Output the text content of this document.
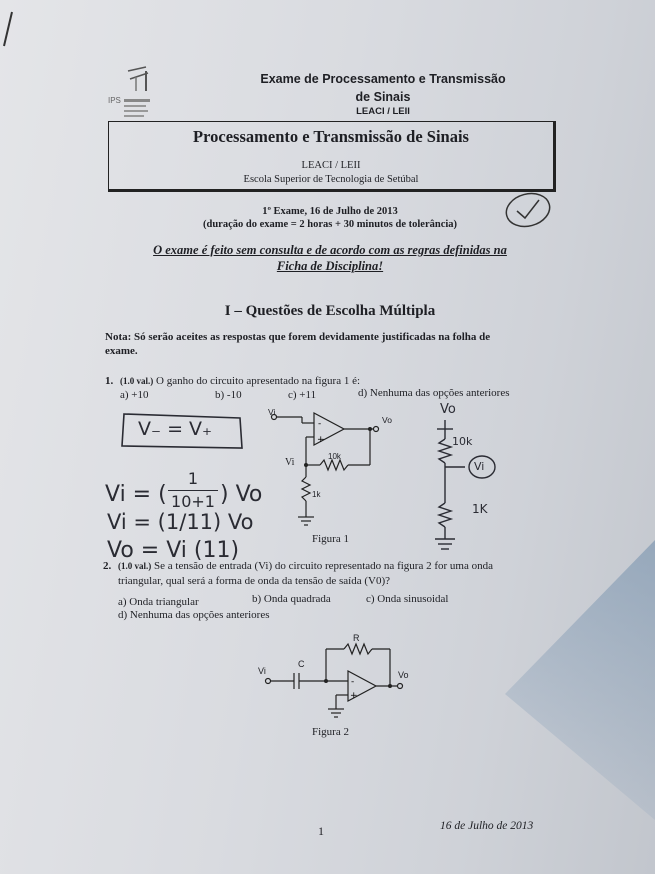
IPS
Exame de Processamento e Transmissão
de Sinais
LEACI / LEII
Processamento e Transmissão de Sinais
LEACI / LEII
Escola Superior de Tecnologia de Setúbal
1º Exame, 16 de Julho de 2013
(duração do exame = 2 horas + 30 minutos de tolerância)
O exame é feito sem consulta e de acordo com as regras definidas na
Ficha de Disciplina!
I – Questões de Escolha Múltipla
Nota: Só serão aceites as respostas que forem devidamente justificadas na folha de
exame.
1. (1.0 val.) O ganho do circuito apresentado na figura 1 é:
a) +10	b) -10	c) +11	d) Nenhuma das opções anteriores
V₋ = V₊
Vi = (
1
10+1 ) Vo
Vi = (1/11) Vo
Vo = Vi (11)
-
+
Vi
Vo
Vi
10k
1k
Figura 1
Vo
10k
Vi
1K
2. (1.0 val.) Se a tensão de entrada (Vi) do circuito representado na figura 2 for uma onda
triangular, qual será a forma de onda da tensão de saída (V0)?
a) Onda triangular	b) Onda quadrada	c) Onda sinusoidal
d) Nenhuma das opções anteriores
-
+
Vi	Vo
R
C
Figura 2
1	16 de Julho de 2013
